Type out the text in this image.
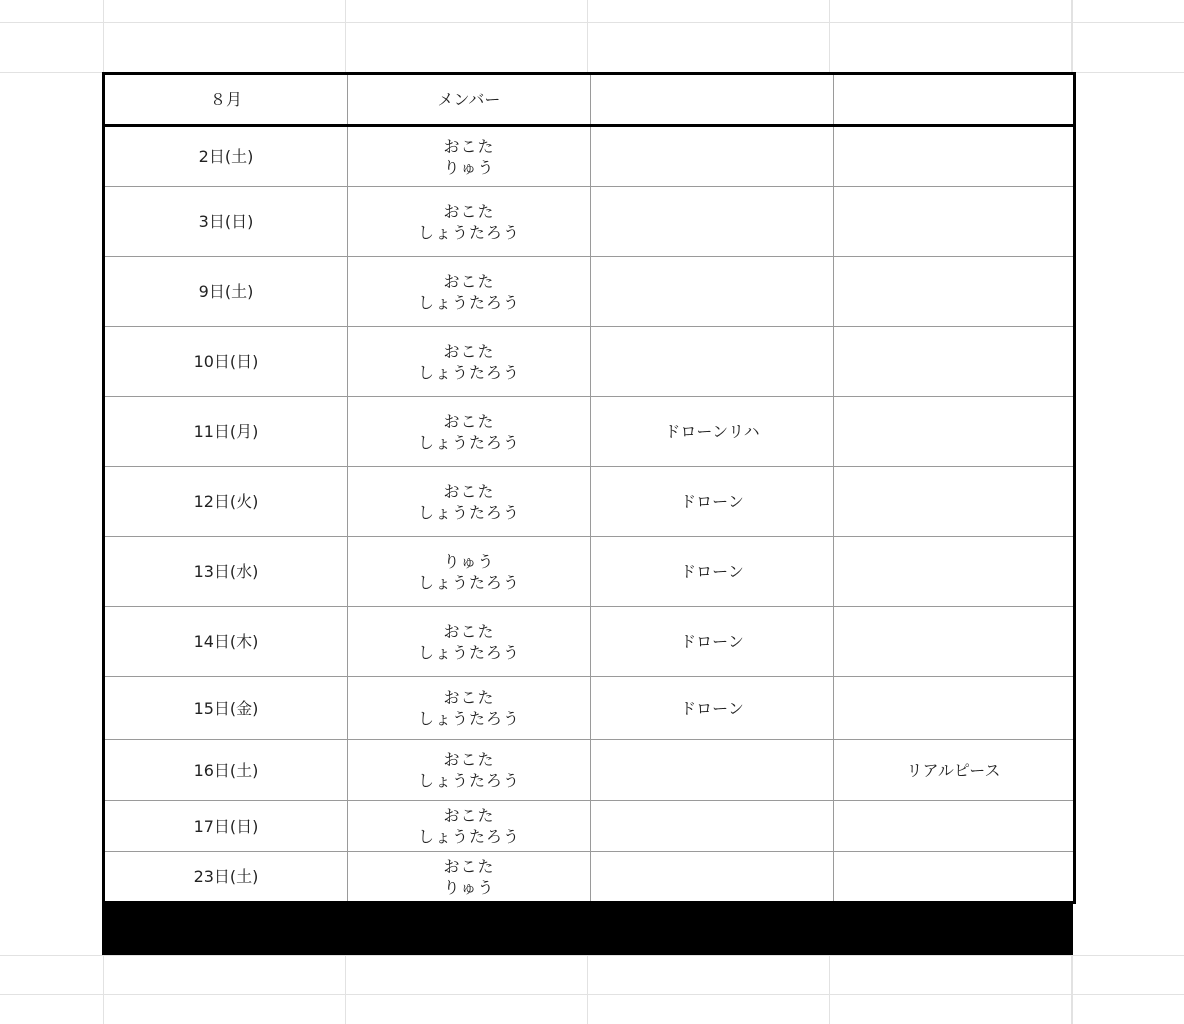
８月	メンバー		
2日(土)	おこた
りゅう		

3日(日)	おこた
しょうたろう		

9日(土)	おこた
しょうたろう		

10日(日)	おこた
しょうたろう		

11日(月)	おこた
しょうたろう	ドローンリハ	
12日(火)	おこた
しょうたろう	ドローン	
13日(水)	りゅう
しょうたろう	ドローン	
14日(木)	おこた
しょうたろう	ドローン	
15日(金)	おこた
しょうたろう	ドローン	
16日(土)	おこた
しょうたろう		リアルピース
17日(日)	おこた
しょうたろう		

23日(土)	おこた
りゅう		
